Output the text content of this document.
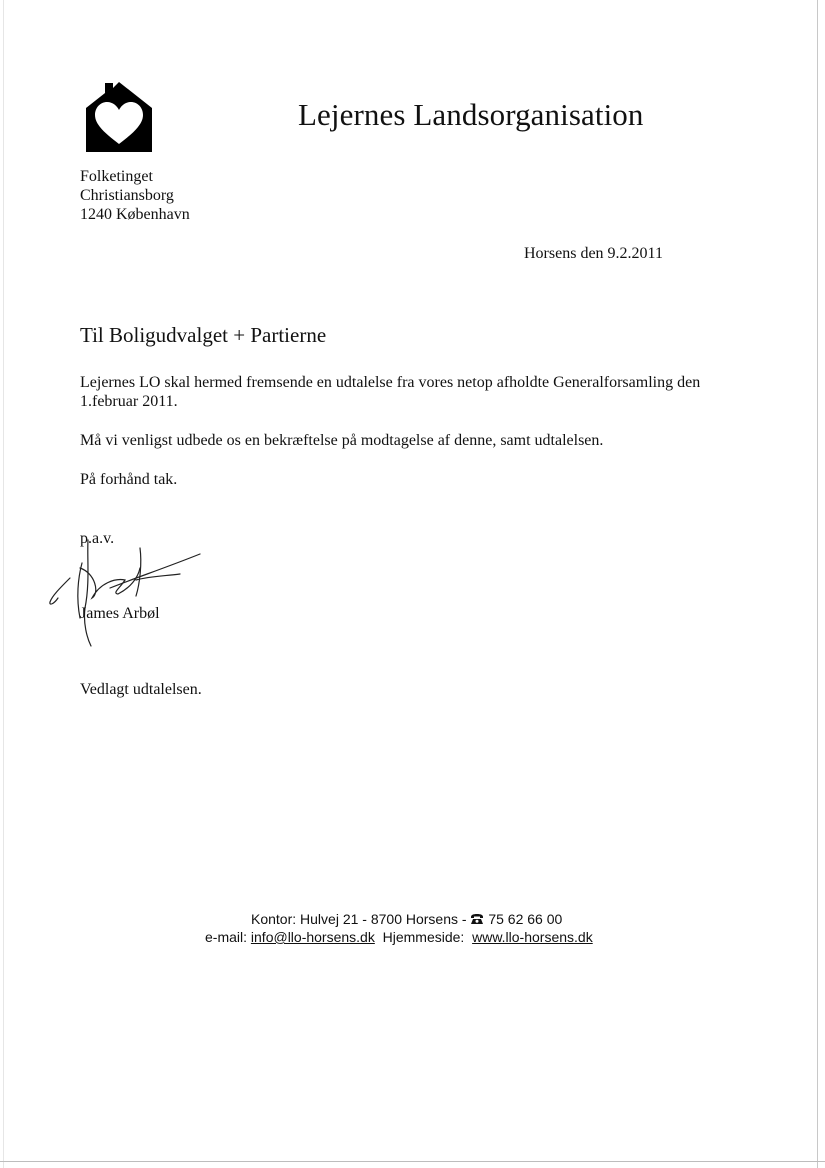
Lejernes Landsorganisation
Folketinget
Christiansborg
1240 København
Horsens den 9.2.2011
Til Boligudvalget + Partierne

Lejernes LO skal hermed fremsende en udtalelse fra vores netop afholdte Generalforsamling den 1.februar 2011.

Må vi venligst udbede os en bekræftelse på modtagelse af denne, samt udtalelsen.

På forhånd tak.

p.a.v.
James Arbøl
Vedlagt udtalelsen.
Kontor: Hulvej 21 - 8700 Horsens -  75 62 66 00
e-mail: info@llo-horsens.dk  Hjemmeside:  www.llo-horsens.dk
